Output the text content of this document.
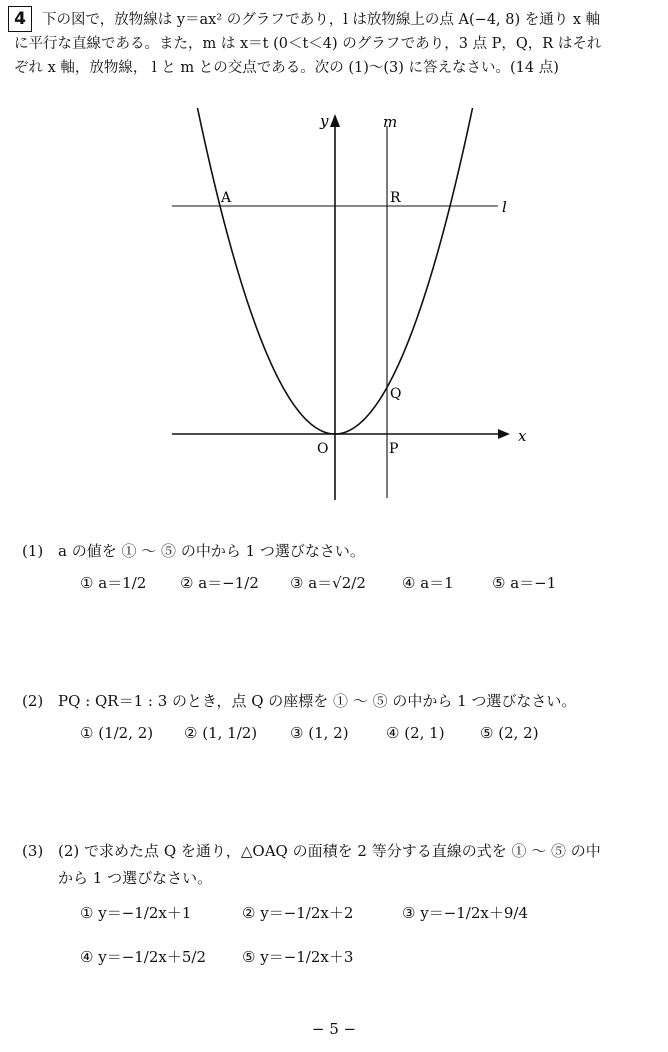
4	下の図で，放物線は y＝ax² のグラフであり，l は放物線上の点 A(−4, 8) を通り x 軸

に平行な直線である。また，m は x＝t (0＜t＜4) のグラフであり，3 点 P，Q，R はそれ

ぞれ x 軸，放物線， l と m との交点である。次の (1)〜(3) に答えなさい。(14 点)

y	m
A	R	l
Q
O	P
x
(1) a の値を ① 〜 ⑤ の中から 1 つ選びなさい。
① a＝1/2 ② a＝−1/2 ③ a＝√2/2 ④ a＝1	⑤ a＝−1
(2) PQ : QR＝1 : 3 のとき，点 Q の座標を ① 〜 ⑤ の中から 1 つ選びなさい。
① (1/2, 2) ② (1, 1/2) ③ (1, 2) ④ (2, 1) ⑤ (2, 2)
(3) (2) で求めた点 Q を通り，△OAQ の面積を 2 等分する直線の式を ① 〜 ⑤ の中
から 1 つ選びなさい。
① y＝−1/2x＋1	② y＝−1/2x＋2	③ y＝−1/2x＋9/4
④ y＝−1/2x＋5/2 ⑤ y＝−1/2x＋3
− 5 −
